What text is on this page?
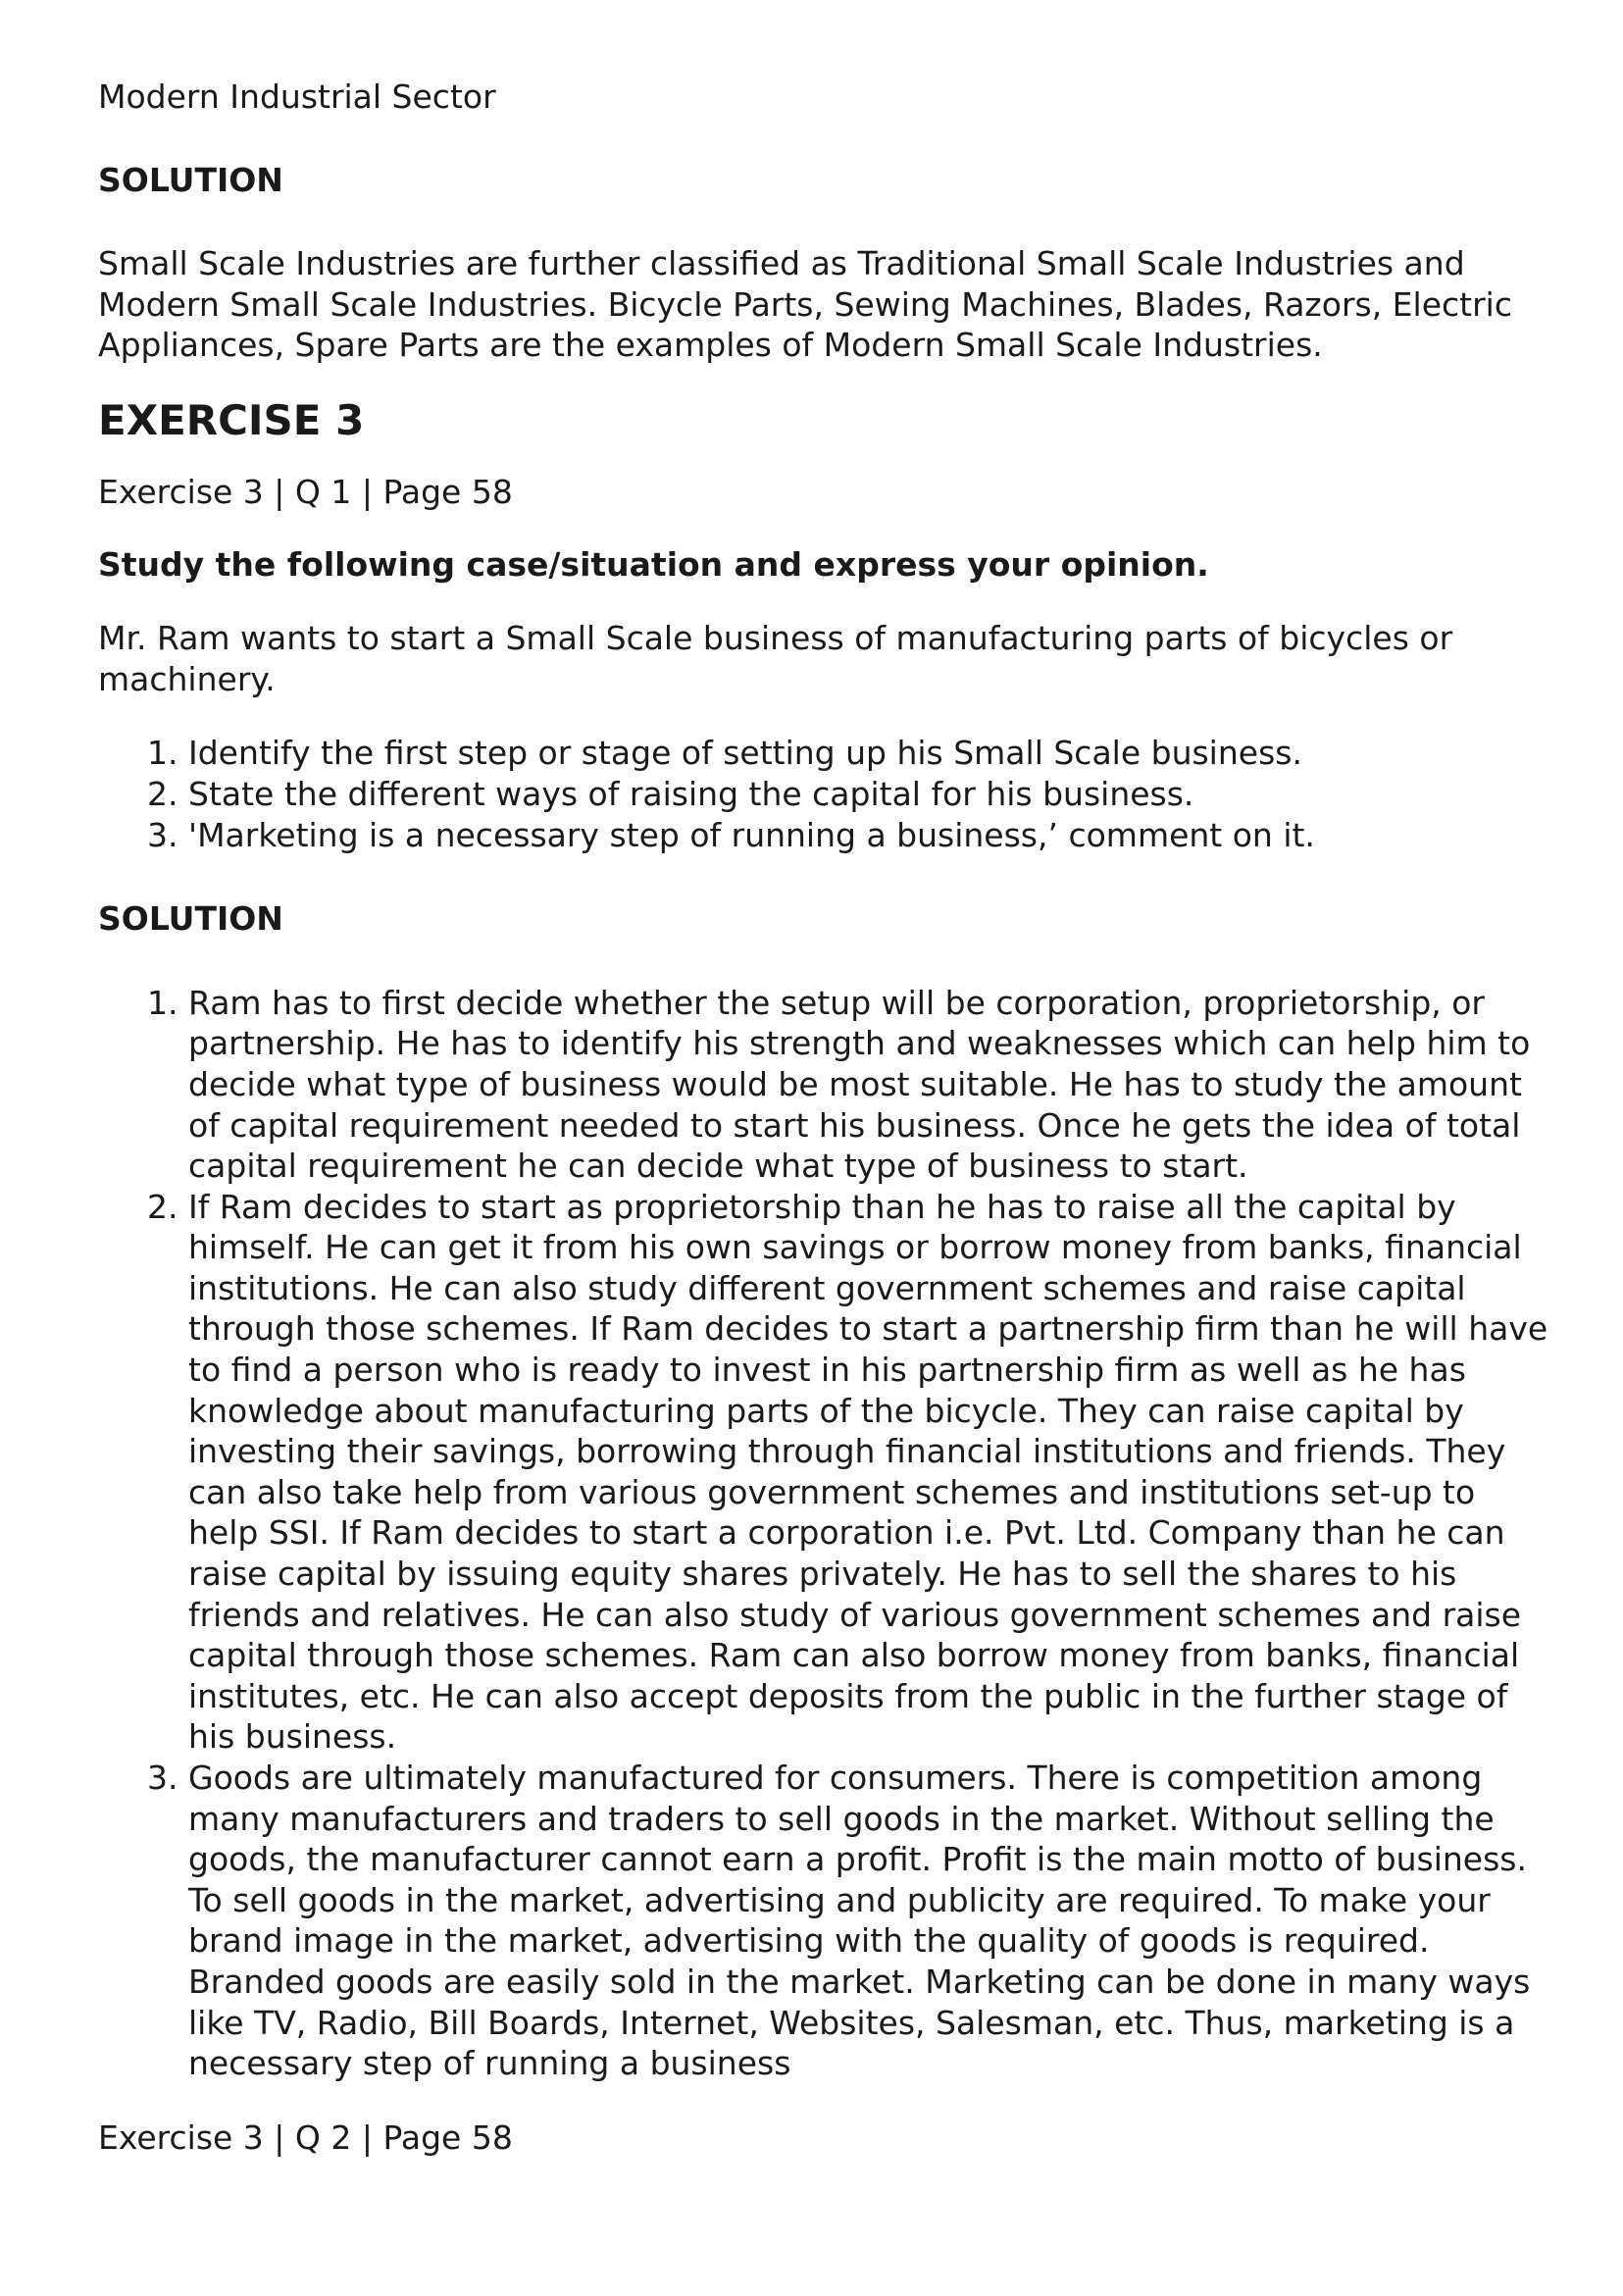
Modern Industrial Sector

SOLUTION

Small Scale Industries are further classified as Traditional Small Scale Industries and Modern Small Scale Industries. Bicycle Parts, Sewing Machines, Blades, Razors, Electric Appliances, Spare Parts are the examples of Modern Small Scale Industries.

EXERCISE 3

Exercise 3 | Q 1 | Page 58

Study the following case/situation and express your opinion.

Mr. Ram wants to start a Small Scale business of manufacturing parts of bicycles or machinery.

1. Identify the first step or stage of setting up his Small Scale business.
2. State the different ways of raising the capital for his business.
3. 'Marketing is a necessary step of running a business,’ comment on it.

SOLUTION

1. Ram has to first decide whether the setup will be corporation, proprietorship, or partnership. He has to identify his strength and weaknesses which can help him to decide what type of business would be most suitable. He has to study the amount of capital requirement needed to start his business. Once he gets the idea of total capital requirement he can decide what type of business to start.
2. If Ram decides to start as proprietorship than he has to raise all the capital by himself. He can get it from his own savings or borrow money from banks, financial institutions. He can also study different government schemes and raise capital through those schemes. If Ram decides to start a partnership firm than he will have to find a person who is ready to invest in his partnership firm as well as he has knowledge about manufacturing parts of the bicycle. They can raise capital by investing their savings, borrowing through financial institutions and friends. They can also take help from various government schemes and institutions set-up to help SSI. If Ram decides to start a corporation i.e. Pvt. Ltd. Company than he can raise capital by issuing equity shares privately. He has to sell the shares to his friends and relatives. He can also study of various government schemes and raise capital through those schemes. Ram can also borrow money from banks, financial institutes, etc. He can also accept deposits from the public in the further stage of his business.
3. Goods are ultimately manufactured for consumers. There is competition among many manufacturers and traders to sell goods in the market. Without selling the goods, the manufacturer cannot earn a profit. Profit is the main motto of business. To sell goods in the market, advertising and publicity are required. To make your brand image in the market, advertising with the quality of goods is required. Branded goods are easily sold in the market. Marketing can be done in many ways like TV, Radio, Bill Boards, Internet, Websites, Salesman, etc. Thus, marketing is a necessary step of running a business

Exercise 3 | Q 2 | Page 58
